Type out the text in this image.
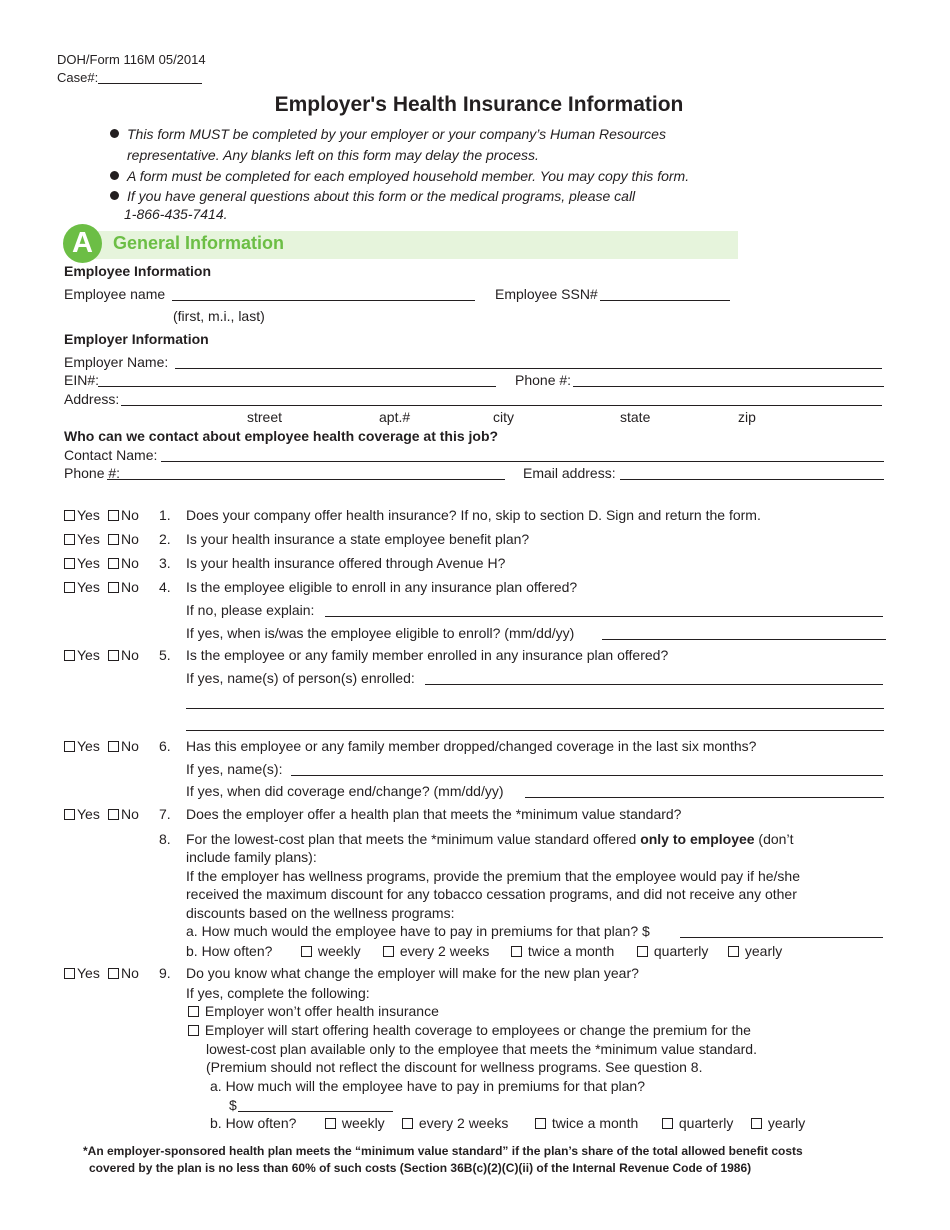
DOH/Form 116M 05/2014
Case#:
Employer's Health Insurance Information
This form MUST be completed by your employer or your company’s Human Resources
representative. Any blanks left on this form may delay the process.
A form must be completed for each employed household member. You may copy this form.
If you have general questions about this form or the medical programs, please call
1-866-435-7414.
A	General Information
Employee Information
Employee name	Employee SSN#
(first, m.i., last)
Employer Information
Employer Name:
EIN#:	Phone #:
Address:
street	apt.#	city	state	zip
Who can we contact about employee health coverage at this job?
Contact Name:
Phone #:	Email address:
Yes	No 1. Does your company offer health insurance? If no, skip to section D. Sign and return the form.
Yes	No 2. Is your health insurance a state employee benefit plan?
Yes	No 3. Is your health insurance offered through Avenue H?
Yes	No 4. Is the employee eligible to enroll in any insurance plan offered?
If no, please explain:
If yes, when is/was the employee eligible to enroll? (mm/dd/yy)
Yes	No 5. Is the employee or any family member enrolled in any insurance plan offered?
If yes, name(s) of person(s) enrolled:
Yes	No 6. Has this employee or any family member dropped/changed coverage in the last six months?
If yes, name(s):
If yes, when did coverage end/change? (mm/dd/yy)
Yes	No 7. Does the employer offer a health plan that meets the *minimum value standard?
8. For the lowest-cost plan that meets the *minimum value standard offered only to employee (don’t
include family plans):
If the employer has wellness programs, provide the premium that the employee would pay if he/she
received the maximum discount for any tobacco cessation programs, and did not receive any other
discounts based on the wellness programs:
a. How much would the employee have to pay in premiums for that plan? $
b. How often?	weekly	every 2 weeks	twice a month	quarterly	yearly
Yes	No 9. Do you know what change the employer will make for the new plan year?
If yes, complete the following:
Employer won’t offer health insurance
Employer will start offering health coverage to employees or change the premium for the
lowest-cost plan available only to the employee that meets the *minimum value standard.
(Premium should not reflect the discount for wellness programs. See question 8.
a. How much will the employee have to pay in premiums for that plan?
$
b. How often?	weekly	every 2 weeks	twice a month	quarterly	yearly
*An employer-sponsored health plan meets the “minimum value standard” if the plan’s share of the total allowed benefit costs
covered by the plan is no less than 60% of such costs (Section 36B(c)(2)(C)(ii) of the Internal Revenue Code of 1986)
